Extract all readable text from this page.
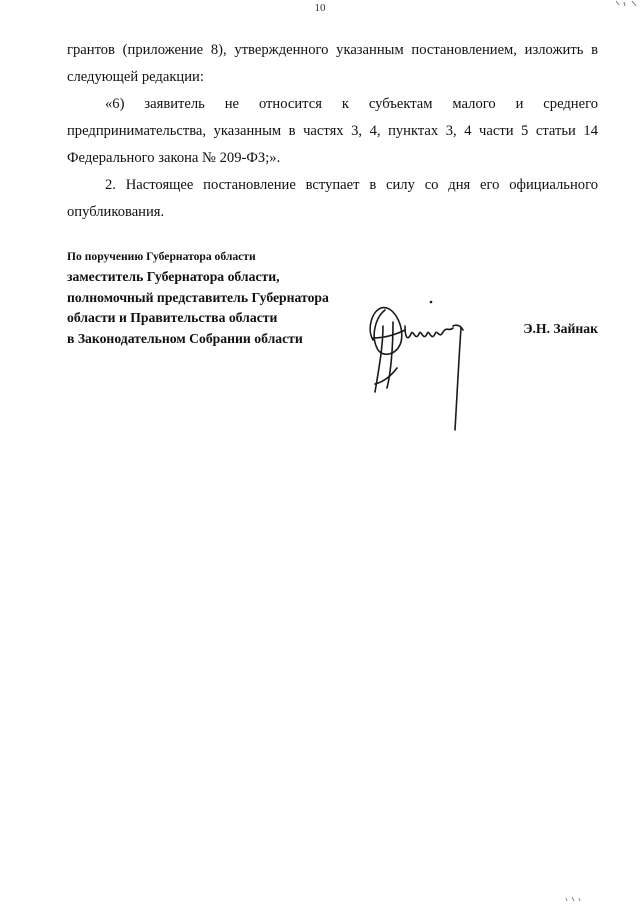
10

грантов (приложение 8), утвержденного указанным постановлением, изложить в следующей редакции:

«6) заявитель не относится к субъектам малого и среднего предпринимательства, указанным в частях 3, 4, пунктах 3, 4 части 5 статьи 14 Федерального закона № 209-ФЗ;».

2. Настоящее постановление вступает в силу со дня его официального опубликования.

По поручению Губернатора области
заместитель Губернатора области,
полномочный представитель Губернатора
области и Правительства области
в Законодательном Собрании области
Э.Н. Зайнак
